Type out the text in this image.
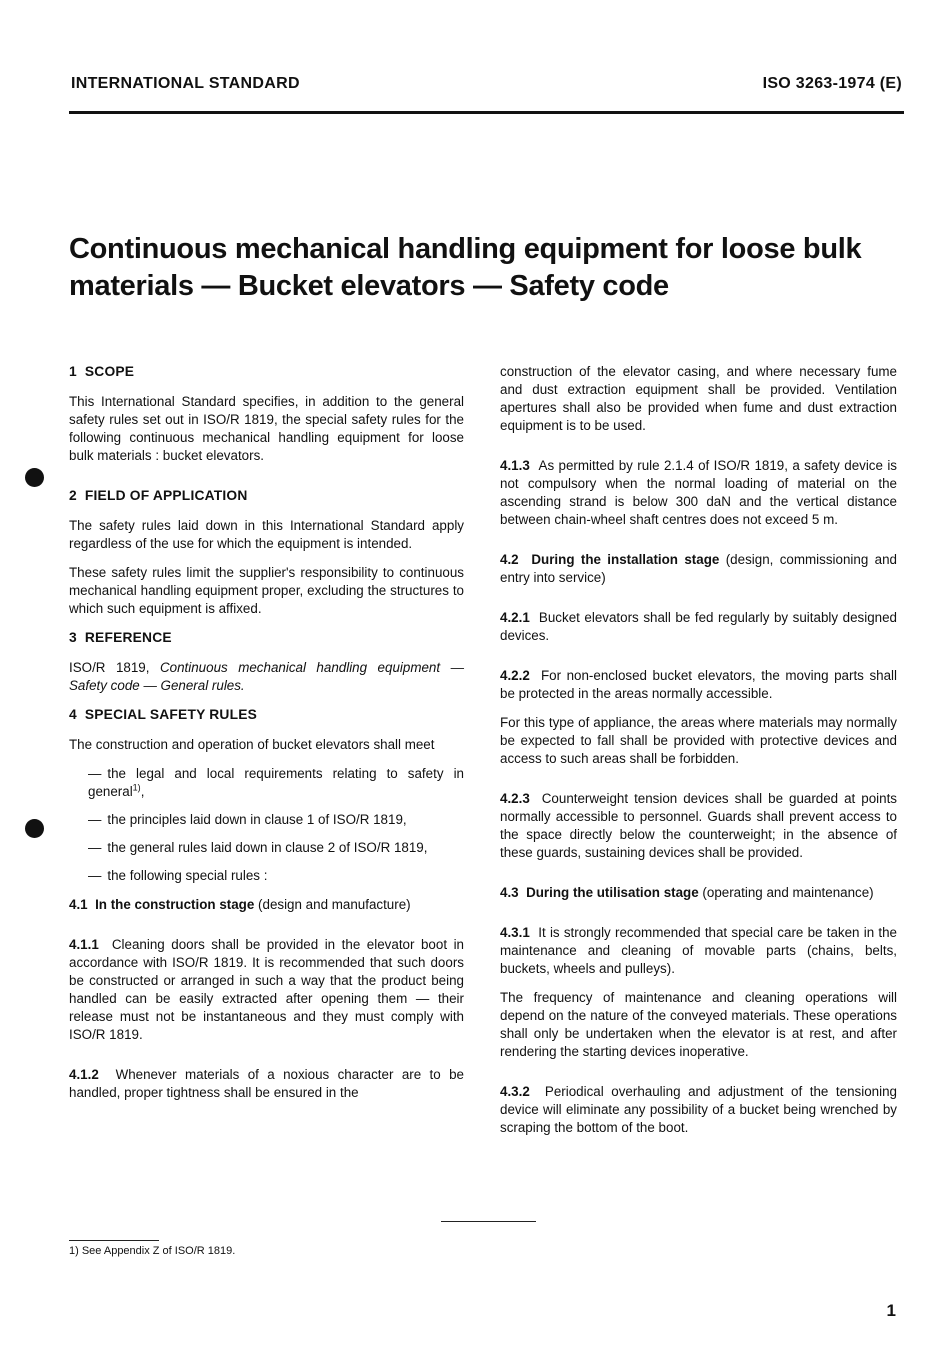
INTERNATIONAL STANDARD	ISO 3263-1974 (E)
Continuous mechanical handling equipment for loose bulk materials — Bucket elevators — Safety code
1 SCOPE

This International Standard specifies, in addition to the general safety rules set out in ISO/R 1819, the special safety rules for the following continuous mechanical handling equipment for loose bulk materials : bucket elevators.

2 FIELD OF APPLICATION

The safety rules laid down in this International Standard apply regardless of the use for which the equipment is intended.

These safety rules limit the supplier's responsibility to continuous mechanical handling equipment proper, excluding the structures to which such equipment is affixed.

3 REFERENCE

ISO/R 1819, Continuous mechanical handling equipment — Safety code — General rules.

4 SPECIAL SAFETY RULES

The construction and operation of bucket elevators shall meet

— the legal and local requirements relating to safety in general$^{1)}$,
— the principles laid down in clause 1 of ISO/R 1819,
— the general rules laid down in clause 2 of ISO/R 1819,
— the following special rules :

4.1 In the construction stage (design and manufacture)

4.1.1 Cleaning doors shall be provided in the elevator boot in accordance with ISO/R 1819. It is recommended that such doors be constructed or arranged in such a way that the product being handled can be easily extracted after opening them — their release must not be instantaneous and they must comply with ISO/R 1819.

4.1.2 Whenever materials of a noxious character are to be handled, proper tightness shall be ensured in the

construction of the elevator casing, and where necessary fume and dust extraction equipment shall be provided. Ventilation apertures shall also be provided when fume and dust extraction equipment is to be used.

4.1.3 As permitted by rule 2.1.4 of ISO/R 1819, a safety device is not compulsory when the normal loading of material on the ascending strand is below 300 daN and the vertical distance between chain-wheel shaft centres does not exceed 5 m.

4.2 During the installation stage (design, commissioning and entry into service)

4.2.1 Bucket elevators shall be fed regularly by suitably designed devices.

4.2.2 For non-enclosed bucket elevators, the moving parts shall be protected in the areas normally accessible.

For this type of appliance, the areas where materials may normally be expected to fall shall be provided with protective devices and access to such areas shall be forbidden.

4.2.3 Counterweight tension devices shall be guarded at points normally accessible to personnel. Guards shall prevent access to the space directly below the counterweight; in the absence of these guards, sustaining devices shall be provided.

4.3 During the utilisation stage (operating and maintenance)

4.3.1 It is strongly recommended that special care be taken in the maintenance and cleaning of movable parts (chains, belts, buckets, wheels and pulleys).

The frequency of maintenance and cleaning operations will depend on the nature of the conveyed materials. These operations shall only be undertaken when the elevator is at rest, and after rendering the starting devices inoperative.

4.3.2 Periodical overhauling and adjustment of the tensioning device will eliminate any possibility of a bucket being wrenched by scraping the bottom of the boot.

1) See Appendix Z of ISO/R 1819.
1
